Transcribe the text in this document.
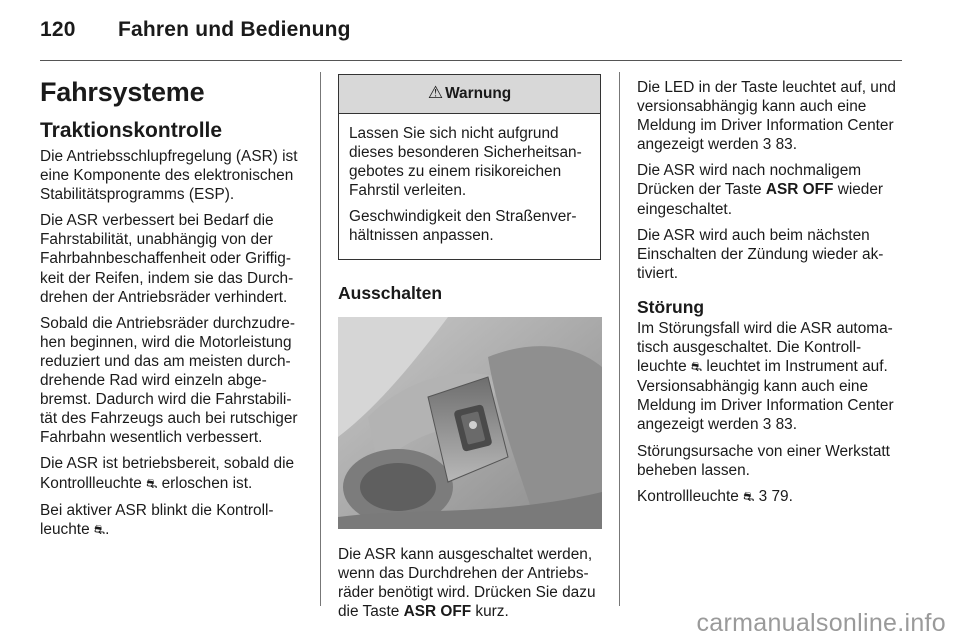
120 Fahren und Bedienung
Fahrsysteme
Traktionskontrolle

Die Antriebsschlupfregelung (ASR) ist eine Komponente des elektronischen Stabilitätsprogramms (ESP).

Die ASR verbessert bei Bedarf die Fahrstabilität, unabhängig von der Fahrbahnbeschaffenheit oder Griffigkeit der Reifen, indem sie das Durchdrehen der Antriebsräder verhindert.

Sobald die Antriebsräder durchzudrehen beginnen, wird die Motorleistung reduziert und das am meisten durchdrehende Rad wird einzeln abgebremst. Dadurch wird die Fahrstabilität des Fahrzeugs auch bei rutschiger Fahrbahn wesentlich verbessert.

Die ASR ist betriebsbereit, sobald die Kontrollleuchte ⛐ erloschen ist.

Bei aktiver ASR blinkt die Kontrollleuchte ⛐.

⚠ Warnung

Lassen Sie sich nicht aufgrund dieses besonderen Sicherheitsangebotes zu einem risikoreichen Fahrstil verleiten.

Geschwindigkeit den Straßenverhältnissen anpassen.

Ausschalten

Die ASR kann ausgeschaltet werden, wenn das Durchdrehen der Antriebsräder benötigt wird. Drücken Sie dazu die Taste ASR OFF kurz.

Die LED in der Taste leuchtet auf, und versionsabhängig kann auch eine Meldung im Driver Information Center angezeigt werden 3 83.

Die ASR wird nach nochmaligem Drücken der Taste ASR OFF wieder eingeschaltet.

Die ASR wird auch beim nächsten Einschalten der Zündung wieder aktiviert.

Störung

Im Störungsfall wird die ASR automatisch ausgeschaltet. Die Kontrollleuchte ⛐ leuchtet im Instrument auf. Versionsabhängig kann auch eine Meldung im Driver Information Center angezeigt werden 3 83.

Störungsursache von einer Werkstatt beheben lassen.

Kontrollleuchte ⛐ 3 79.

carmanualsonline.info
